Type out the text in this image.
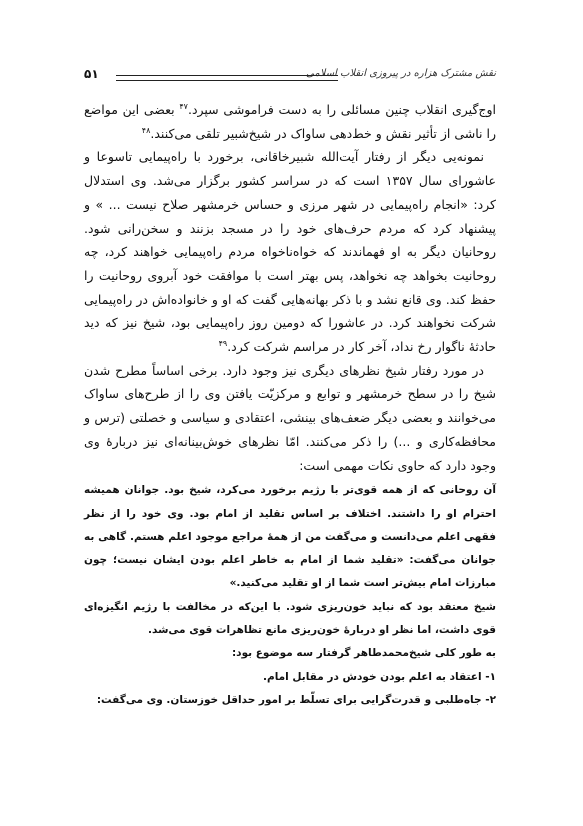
نقش مشترک هزاره در پیروزی انقلاب اسلامی
۵۱

اوج‌گیری انقلاب چنین مسائلی را به دست فراموشی سپرد.$^{۴۷}$ بعضی این مواضع را ناشی از تأثیر نقش و خط‌دهی ساواک در شیخ‌شبیر تلقی می‌کنند.$^{۴۸}$

نمونه‌یی دیگر از رفتار آیت‌الله شبیرخاقانی، برخورد با راه‌پیمایی تاسوعا و عاشورای سال ۱۳۵۷ است که در سراسر کشور برگزار می‌شد. وی استدلال کرد: «انجام راه‌پیمایی در شهر مرزی و حساس خرمشهر صلاح نیست ... » و پیشنهاد کرد که مردم حرف‌های خود را در مسجد بزنند و سخن‌رانی شود. روحانیان دیگر به او فهماندند که خواه‌ناخواه مردم راه‌پیمایی خواهند کرد، چه روحانیت بخواهد چه نخواهد، پس بهتر است با موافقت خود آبروی روحانیت را حفظ کند. وی قانع نشد و با ذکر بهانه‌هایی گفت که او و خانواده‌اش در راه‌پیمایی شرکت نخواهند کرد. در عاشورا که دومین روز راه‌پیمایی بود، شیخ نیز که دید حادثهٔ ناگوار رخ نداد، آخر کار در مراسم شرکت کرد.$^{۴۹}$

در مورد رفتار شیخ نظرهای دیگری نیز وجود دارد. برخی اساساً مطرح شدن شیخ را در سطح خرمشهر و توابع و مرکزیّت یافتن وی را از طرح‌های ساواک می‌خوانند و بعضی دیگر ضعف‌های بینشی، اعتقادی و سیاسی و خصلتی (ترس و محافظه‌کاری و ...) را ذکر می‌کنند. امّا نظرهای خوش‌بینانه‌ای نیز دربارهٔ وی وجود دارد که حاوی نکات مهمی است:

آن روحانی که از همه قوی‌تر با رژیم برخورد می‌کرد، شیخ بود. جوانان همیشه احترام او را داشتند. اختلاف بر اساس تقلید از امام بود. وی خود را از نظر فقهی اعلم می‌دانست و می‌گفت من از همهٔ مراجع موجود اعلم هستم. گاهی به جوانان می‌گفت: «تقلید شما از امام به خاطر اعلم بودن ایشان نیست؛ چون مبارزات امام بیش‌تر است شما از او تقلید می‌کنید.»

شیخ معتقد بود که نباید خون‌ریزی شود. با این‌که در مخالفت با رژیم انگیزه‌ای قوی داشت، اما نظر او دربارهٔ خون‌ریزی مانع تظاهرات قوی می‌شد.

به طور کلی شیخ‌محمدطاهر گرفتار سه موضوع بود:

۱- اعتقاد به اعلم بودن خودش در مقابل امام.

۲- جاه‌طلبی و قدرت‌گرایی برای تسلّط بر امور حداقل خوزستان. وی می‌گفت:
